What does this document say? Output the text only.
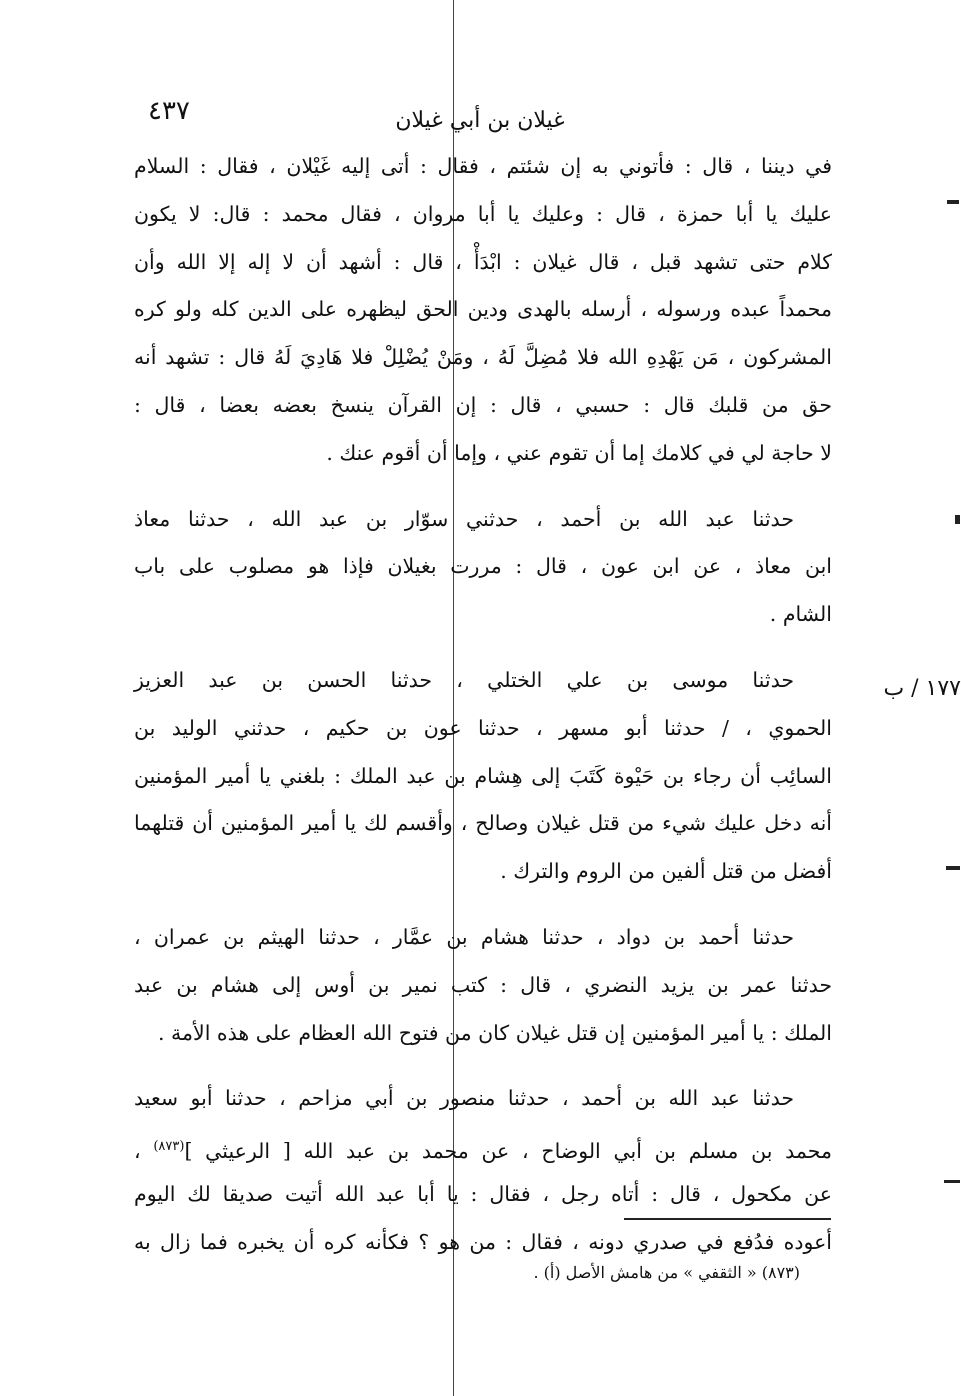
٤٣٧	غيلان بن أبي غيلان
١٧٧ / ب
في ديننا ، قال : فأتوني به إن شئتم ، فقال : أتى إليه غَيْلان ، فقال : السلام
عليك يا أبا حمزة ، قال : وعليك يا أبا مروان ، فقال محمد : قال: لا يكون
كلام حتى تشهد قبل ، قال غيلان : ابْدَأْ ، قال : أشهد أن لا إله إلا الله وأن
محمداً عبده ورسوله ، أرسله بالهدى ودين الحق ليظهره على الدين كله ولو كره
المشركون ، مَن يَهْدِهِ الله فلا مُضِلَّ لَهُ ، ومَنْ يُضْلِلْ فلا هَادِيَ لَهُ قال : تشهد أنه
حق من قلبك قال : حسبي ، قال : إن القرآن ينسخ بعضه بعضا ، قال :
لا حاجة لي في كلامك إما أن تقوم عني ، وإما أن أقوم عنك .
حدثنا عبد الله بن أحمد ، حدثني سوّار بن عبد الله ، حدثنا معاذ
ابن معاذ ، عن ابن عون ، قال : مررت بغيلان فإذا هو مصلوب على باب
الشام .
حدثنا موسى بن علي الختلي ، حدثنا الحسن بن عبد العزيز
الحموي ، / حدثنا أبو مسهر ، حدثنا عون بن حكيم ، حدثني الوليد بن
السائِب أن رجاء بن حَيْوة كَتَبَ إلى هِشام بن عبد الملك : بلغني يا أمير المؤمنين
أنه دخل عليك شيء من قتل غيلان وصالح ، وأقسم لك يا أمير المؤمنين أن قتلهما
أفضل من قتل ألفين من الروم والترك .
حدثنا أحمد بن دواد ، حدثنا هشام بن عمَّار ، حدثنا الهيثم بن عمران ،
حدثنا عمر بن يزيد النضري ، قال : كتب نمير بن أوس إلى هشام بن عبد
الملك : يا أمير المؤمنين إن قتل غيلان كان من فتوح الله العظام على هذه الأمة .
حدثنا عبد الله بن أحمد ، حدثنا منصور بن أبي مزاحم ، حدثنا أبو سعيد
محمد بن مسلم بن أبي الوضاح ، عن محمد بن عبد الله [ الرعيثي ]$^{(٨٧٣)}$ ،
عن مكحول ، قال : أتاه رجل ، فقال : يا أبا عبد الله أتيت صديقا لك اليوم
أعوده فدُفع في صدري دونه ، فقال : من هو ؟ فكأنه كره أن يخبره فما زال به
(٨٧٣) « الثقفي » من هامش الأصل (أ) .
